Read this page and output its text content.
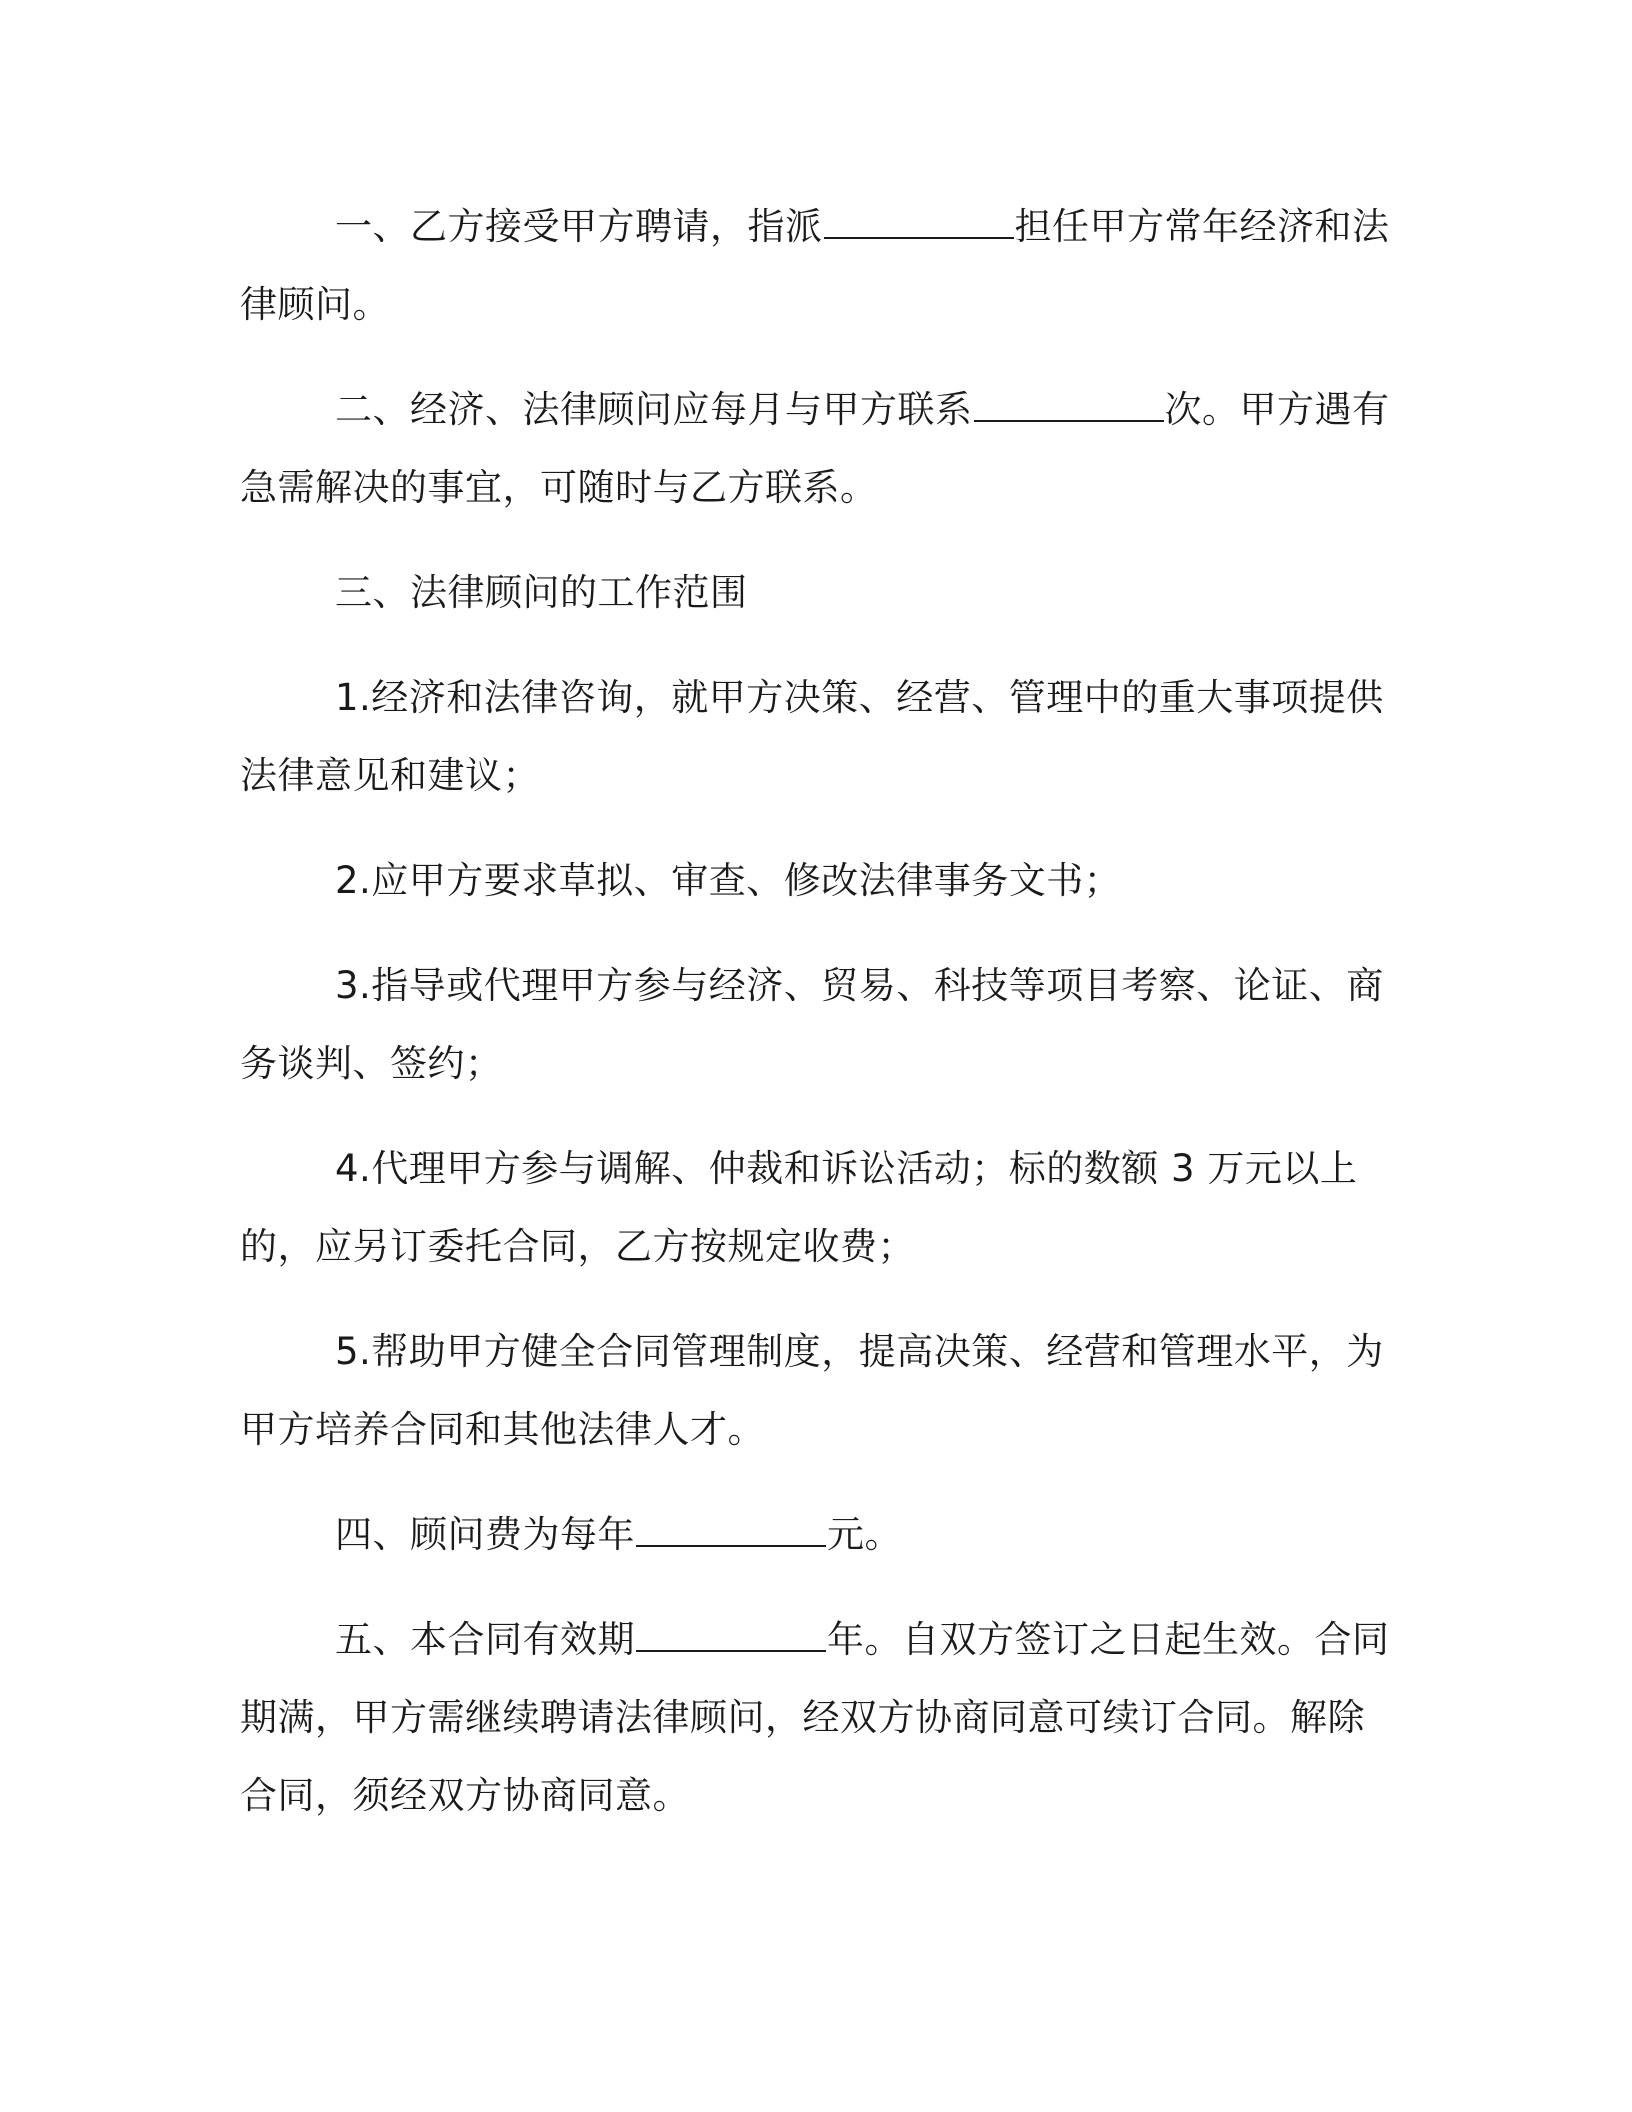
一、乙方接受甲方聘请，指派	担任甲方常年经济和法律顾问。

二、经济、法律顾问应每月与甲方联系	次。甲方遇有急需解决的事宜，可随时与乙方联系。

三、法律顾问的工作范围

1.经济和法律咨询，就甲方决策、经营、管理中的重大事项提供法律意见和建议；

2.应甲方要求草拟、审查、修改法律事务文书；

3.指导或代理甲方参与经济、贸易、科技等项目考察、论证、商务谈判、签约；

4.代理甲方参与调解、仲裁和诉讼活动；标的数额 3 万元以上的，应另订委托合同，乙方按规定收费；

5.帮助甲方健全合同管理制度，提高决策、经营和管理水平，为甲方培养合同和其他法律人才。

四、顾问费为每年	元。

五、本合同有效期	年。自双方签订之日起生效。合同期满，甲方需继续聘请法律顾问，经双方协商同意可续订合同。解除合同，须经双方协商同意。
